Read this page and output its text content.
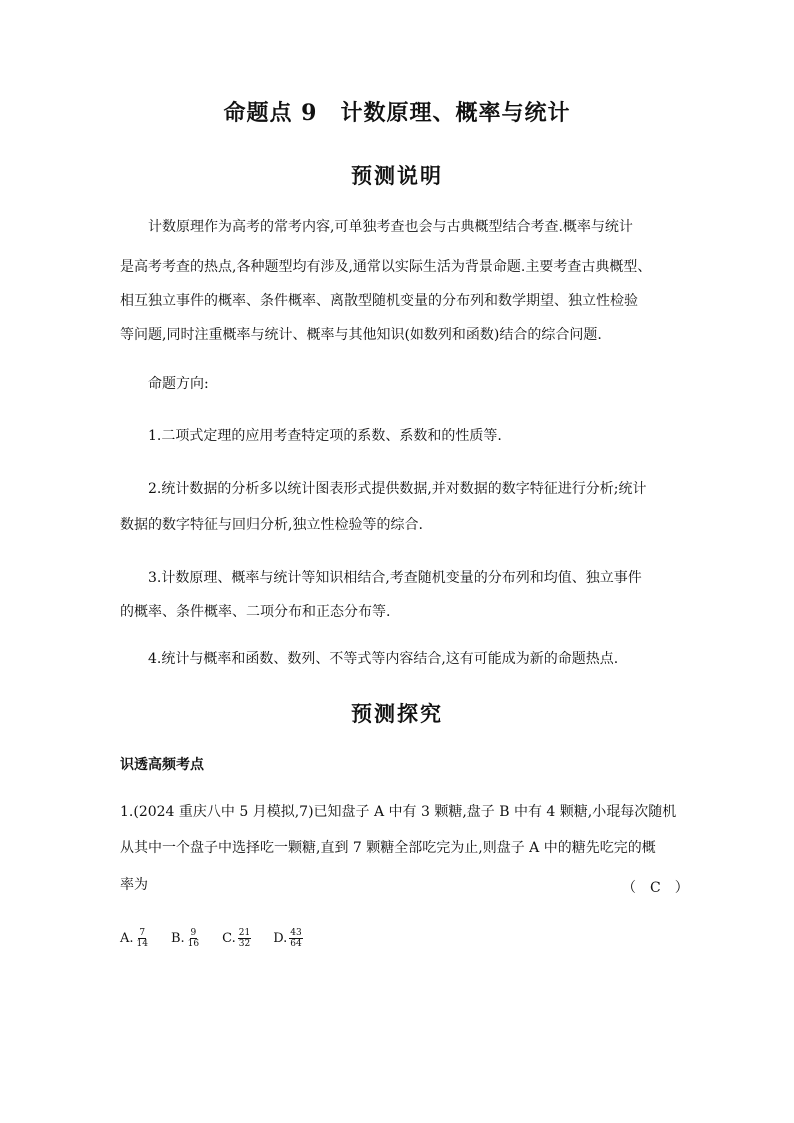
命题点 9　计数原理、概率与统计
预测说明
计数原理作为高考的常考内容,可单独考查也会与古典概型结合考查.概率与统计
是高考考查的热点,各种题型均有涉及,通常以实际生活为背景命题.主要考查古典概型、
相互独立事件的概率、条件概率、离散型随机变量的分布列和数学期望、独立性检验
等问题,同时注重概率与统计、概率与其他知识(如数列和函数)结合的综合问题.
命题方向:
1.二项式定理的应用考查特定项的系数、系数和的性质等.
2.统计数据的分析多以统计图表形式提供数据,并对数据的数字特征进行分析;统计
数据的数字特征与回归分析,独立性检验等的综合.
3.计数原理、概率与统计等知识相结合,考查随机变量的分布列和均值、独立事件
的概率、条件概率、二项分布和正态分布等.
4.统计与概率和函数、数列、不等式等内容结合,这有可能成为新的命题热点.
预测探究
识透高频考点
1.(2024 重庆八中 5 月模拟,7)已知盘子 A 中有 3 颗糖,盘子 B 中有 4 颗糖,小琨每次随机
从其中一个盘子中选择吃一颗糖,直到 7 颗糖全部吃完为止,则盘子 A 中的糖先吃完的概
率为	（　C　）
A. $\frac{7}{14} B$. $\frac{9}{16} C$. $\frac{21}{32} D$. $\frac{43}{64}$
